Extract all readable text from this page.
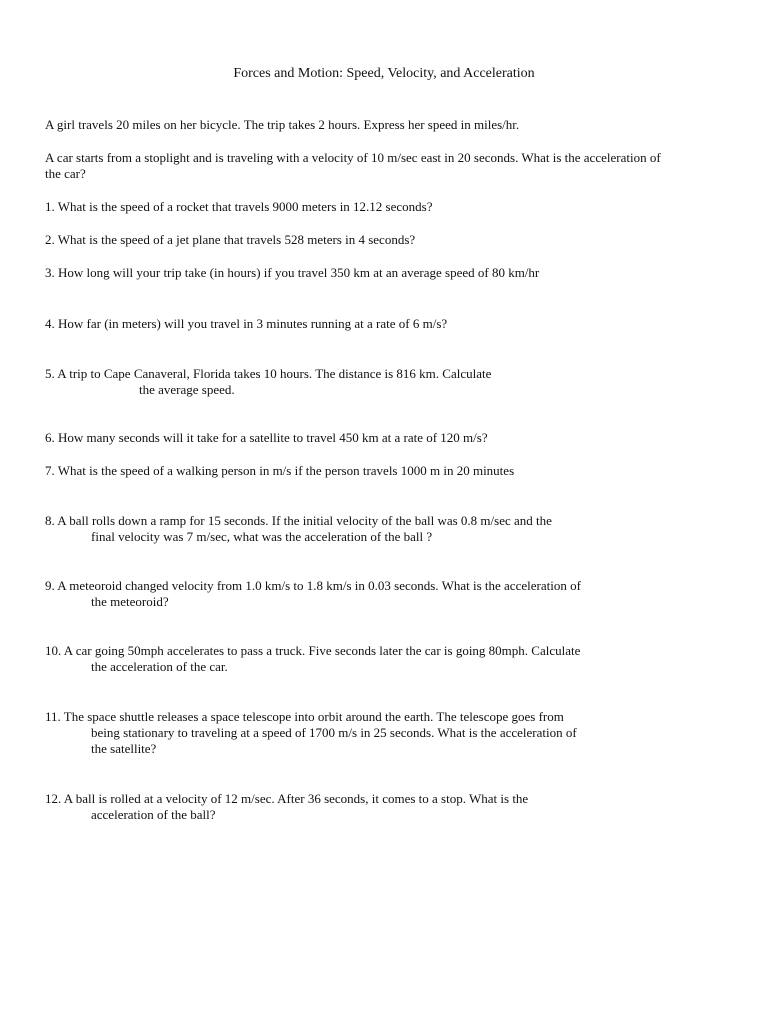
Forces and Motion: Speed, Velocity, and Acceleration
A girl travels 20 miles on her bicycle. The trip takes 2 hours. Express her speed in miles/hr.
A car starts from a stoplight and is traveling with a velocity of 10 m/sec east in 20 seconds. What is the acceleration of
the car?
1. What is the speed of a rocket that travels 9000 meters in 12.12 seconds?
2. What is the speed of a jet plane that travels 528 meters in 4 seconds?
3. How long will your trip take (in hours) if you travel 350 km at an average speed of 80 km/hr
4. How far (in meters) will you travel in 3 minutes running at a rate of 6 m/s?
5. A trip to Cape Canaveral, Florida takes 10 hours. The distance is 816 km. Calculate
the average speed.
6. How many seconds will it take for a satellite to travel 450 km at a rate of 120 m/s?
7. What is the speed of a walking person in m/s if the person travels 1000 m in 20 minutes
8. A ball rolls down a ramp for 15 seconds. If the initial velocity of the ball was 0.8 m/sec and the
final velocity was 7 m/sec, what was the acceleration of the ball ?
9. A meteoroid changed velocity from 1.0 km/s to 1.8 km/s in 0.03 seconds. What is the acceleration of
the meteoroid?
10. A car going 50mph accelerates to pass a truck. Five seconds later the car is going 80mph. Calculate
the acceleration of the car.
11. The space shuttle releases a space telescope into orbit around the earth. The telescope goes from
being stationary to traveling at a speed of 1700 m/s in 25 seconds. What is the acceleration of
the satellite?
12. A ball is rolled at a velocity of 12 m/sec. After 36 seconds, it comes to a stop. What is the
acceleration of the ball?
